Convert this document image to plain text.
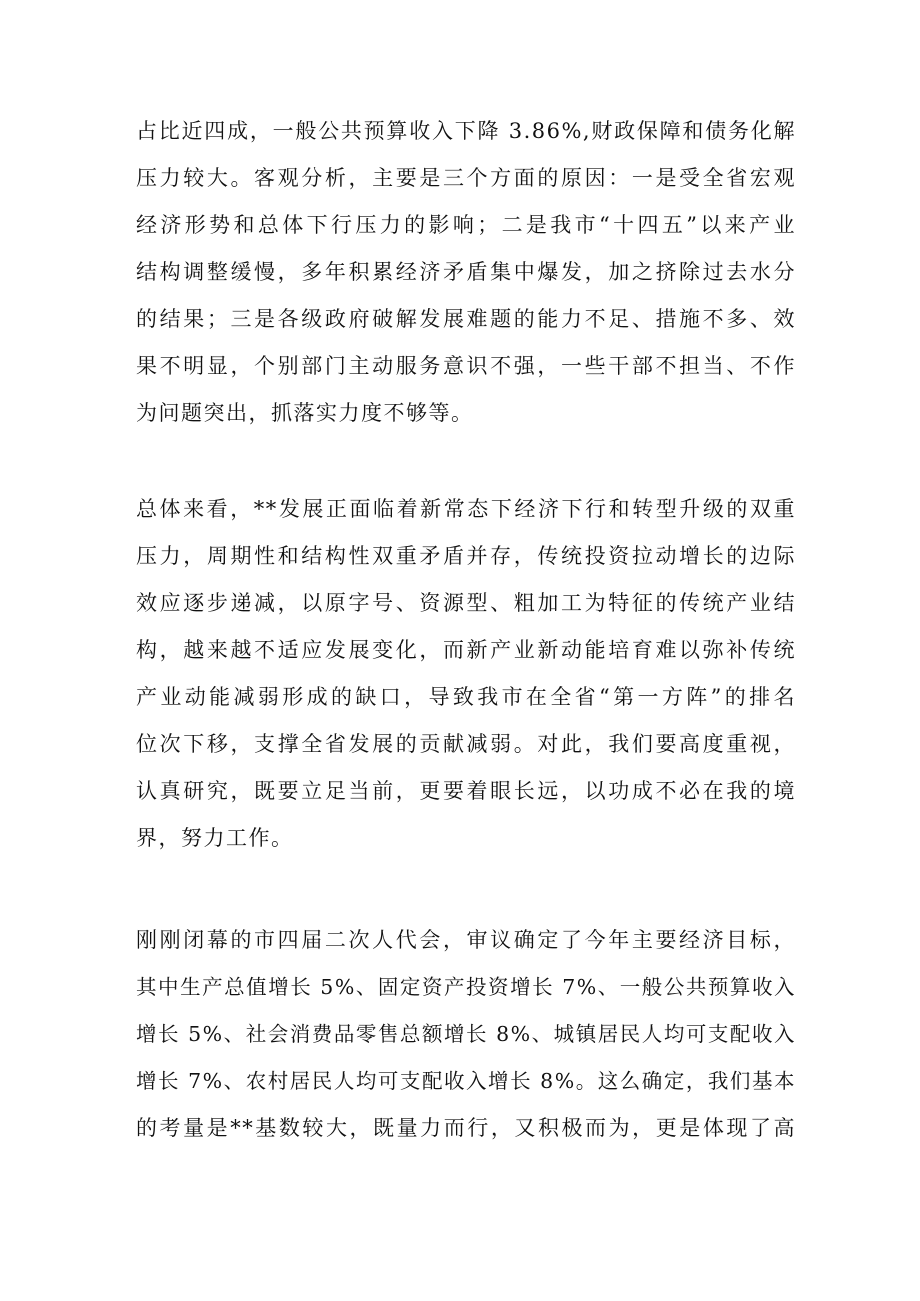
占比近四成，一般公共预算收入下降 3.86%,财政保障和债务化解
压力较大。客观分析，主要是三个方面的原因：一是受全省宏观
经济形势和总体下行压力的影响；二是我市“十四五”以来产业
结构调整缓慢，多年积累经济矛盾集中爆发，加之挤除过去水分
的结果；三是各级政府破解发展难题的能力不足、措施不多、效
果不明显，个别部门主动服务意识不强，一些干部不担当、不作
为问题突出，抓落实力度不够等。

总体来看，**发展正面临着新常态下经济下行和转型升级的双重
压力，周期性和结构性双重矛盾并存，传统投资拉动增长的边际
效应逐步递减，以原字号、资源型、粗加工为特征的传统产业结
构，越来越不适应发展变化，而新产业新动能培育难以弥补传统
产业动能减弱形成的缺口，导致我市在全省“第一方阵”的排名
位次下移，支撑全省发展的贡献减弱。对此，我们要高度重视，
认真研究，既要立足当前，更要着眼长远，以功成不必在我的境
界，努力工作。

刚刚闭幕的市四届二次人代会，审议确定了今年主要经济目标，
其中生产总值增长 5%、固定资产投资增长 7%、一般公共预算收入
增长 5%、社会消费品零售总额增长 8%、城镇居民人均可支配收入
增长 7%、农村居民人均可支配收入增长 8%。这么确定，我们基本
的考量是**基数较大，既量力而行，又积极而为，更是体现了高
